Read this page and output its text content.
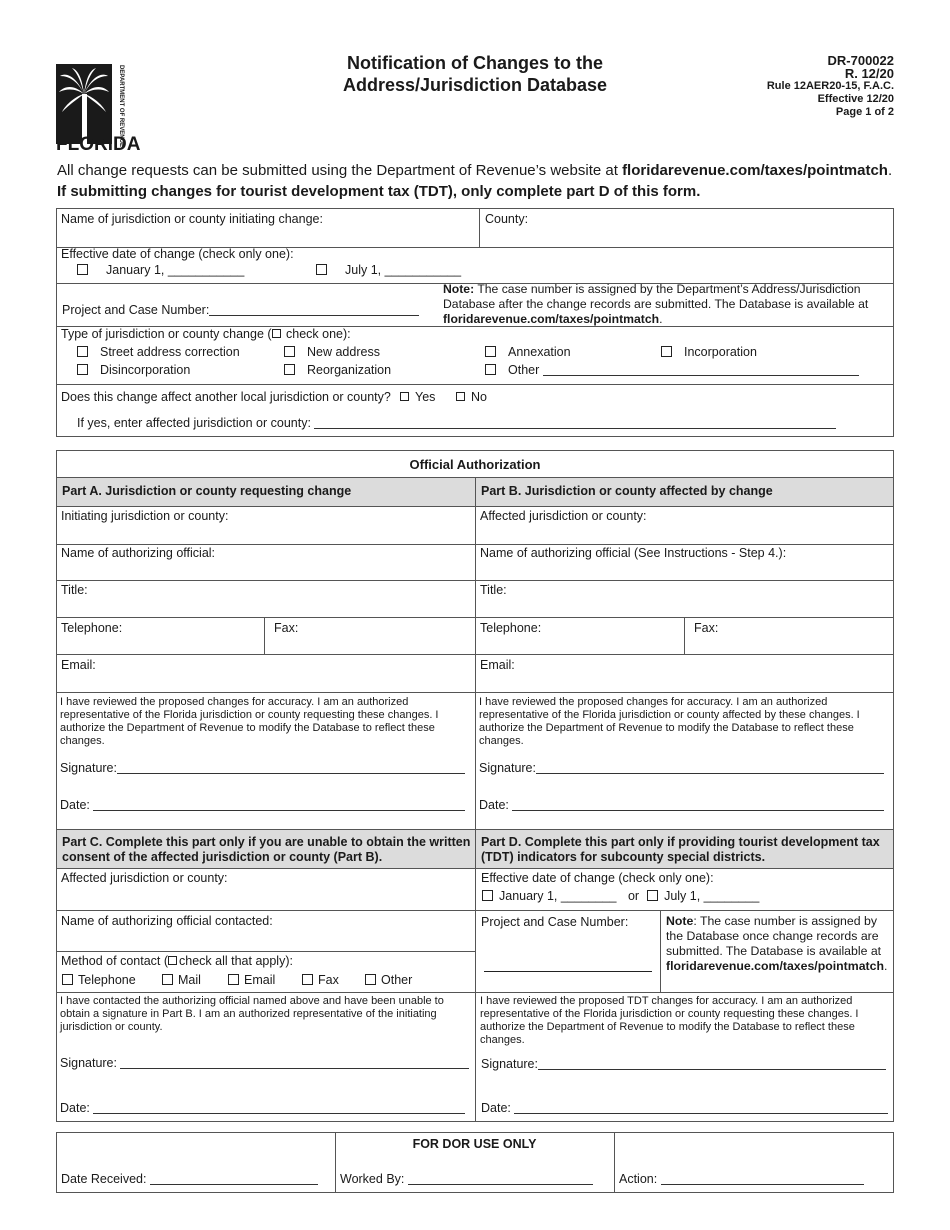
DEPARTMENT OF REVENUE
FLORIDA
Notification of Changes to the
Address/Jurisdiction Database
DR-700022
R. 12/20
Rule 12AER20-15, F.A.C.
Effective 12/20
Page 1 of 2
All change requests can be submitted using the Department of Revenue’s website at floridarevenue.com/taxes/pointmatch.
If submitting changes for tourist development tax (TDT), only complete part D of this form.
Name of jurisdiction or county initiating change:	County:
Effective date of change (check only one):
January 1, ___________	July 1, ___________
Project and Case Number:
Note: The case number is assigned by the Department’s Address/Jurisdiction Database after the change records are submitted. The Database is available at floridarevenue.com/taxes/pointmatch.
Type of jurisdiction or county change ( check one):
Street address correction	New address	Annexation	Incorporation
Disincorporation	Reorganization	Other
Does this change affect another local jurisdiction or county?	Yes	No
If yes, enter affected jurisdiction or county:
Official Authorization
Part A. Jurisdiction or county requesting change	Part B. Jurisdiction or county affected by change
Initiating jurisdiction or county:	Affected jurisdiction or county:
Name of authorizing official:	Name of authorizing official (See Instructions - Step 4.):
Title:	Title:
Telephone:	Fax:	Telephone:	Fax:
Email:	Email:
I have reviewed the proposed changes for accuracy. I am an authorized representative of the Florida jurisdiction or county requesting these changes. I authorize the Department of Revenue to modify the Database to reflect these changes.
I have reviewed the proposed changes for accuracy. I am an authorized representative of the Florida jurisdiction or county affected by these changes. I authorize the Department of Revenue to modify the Database to reflect these changes.
Signature:	Signature:
Date:	Date:
Part C. Complete this part only if you are unable to obtain the written consent of the affected jurisdiction or county (Part B).
Part D. Complete this part only if providing tourist development tax (TDT) indicators for subcounty special districts.
Affected jurisdiction or county:	Effective date of change (check only one):
January 1, ________ or July 1, ________
Name of authorizing official contacted:
Method of contact ( check all that apply):
Telephone	Mail	Email	Fax	Other
Project and Case Number:	Note: The case number is assigned by the Database once change records are submitted. The Database is available at floridarevenue.com/taxes/pointmatch.
I have contacted the authorizing official named above and have been unable to obtain a signature in Part B. I am an authorized representative of the initiating jurisdiction or county.
I have reviewed the proposed TDT changes for accuracy. I am an authorized representative of the Florida jurisdiction or county requesting these changes. I authorize the Department of Revenue to modify the Database to reflect these changes.
Signature:	Signature:
Date:	Date:
FOR DOR USE ONLY
Date Received:	Worked By:	Action:
